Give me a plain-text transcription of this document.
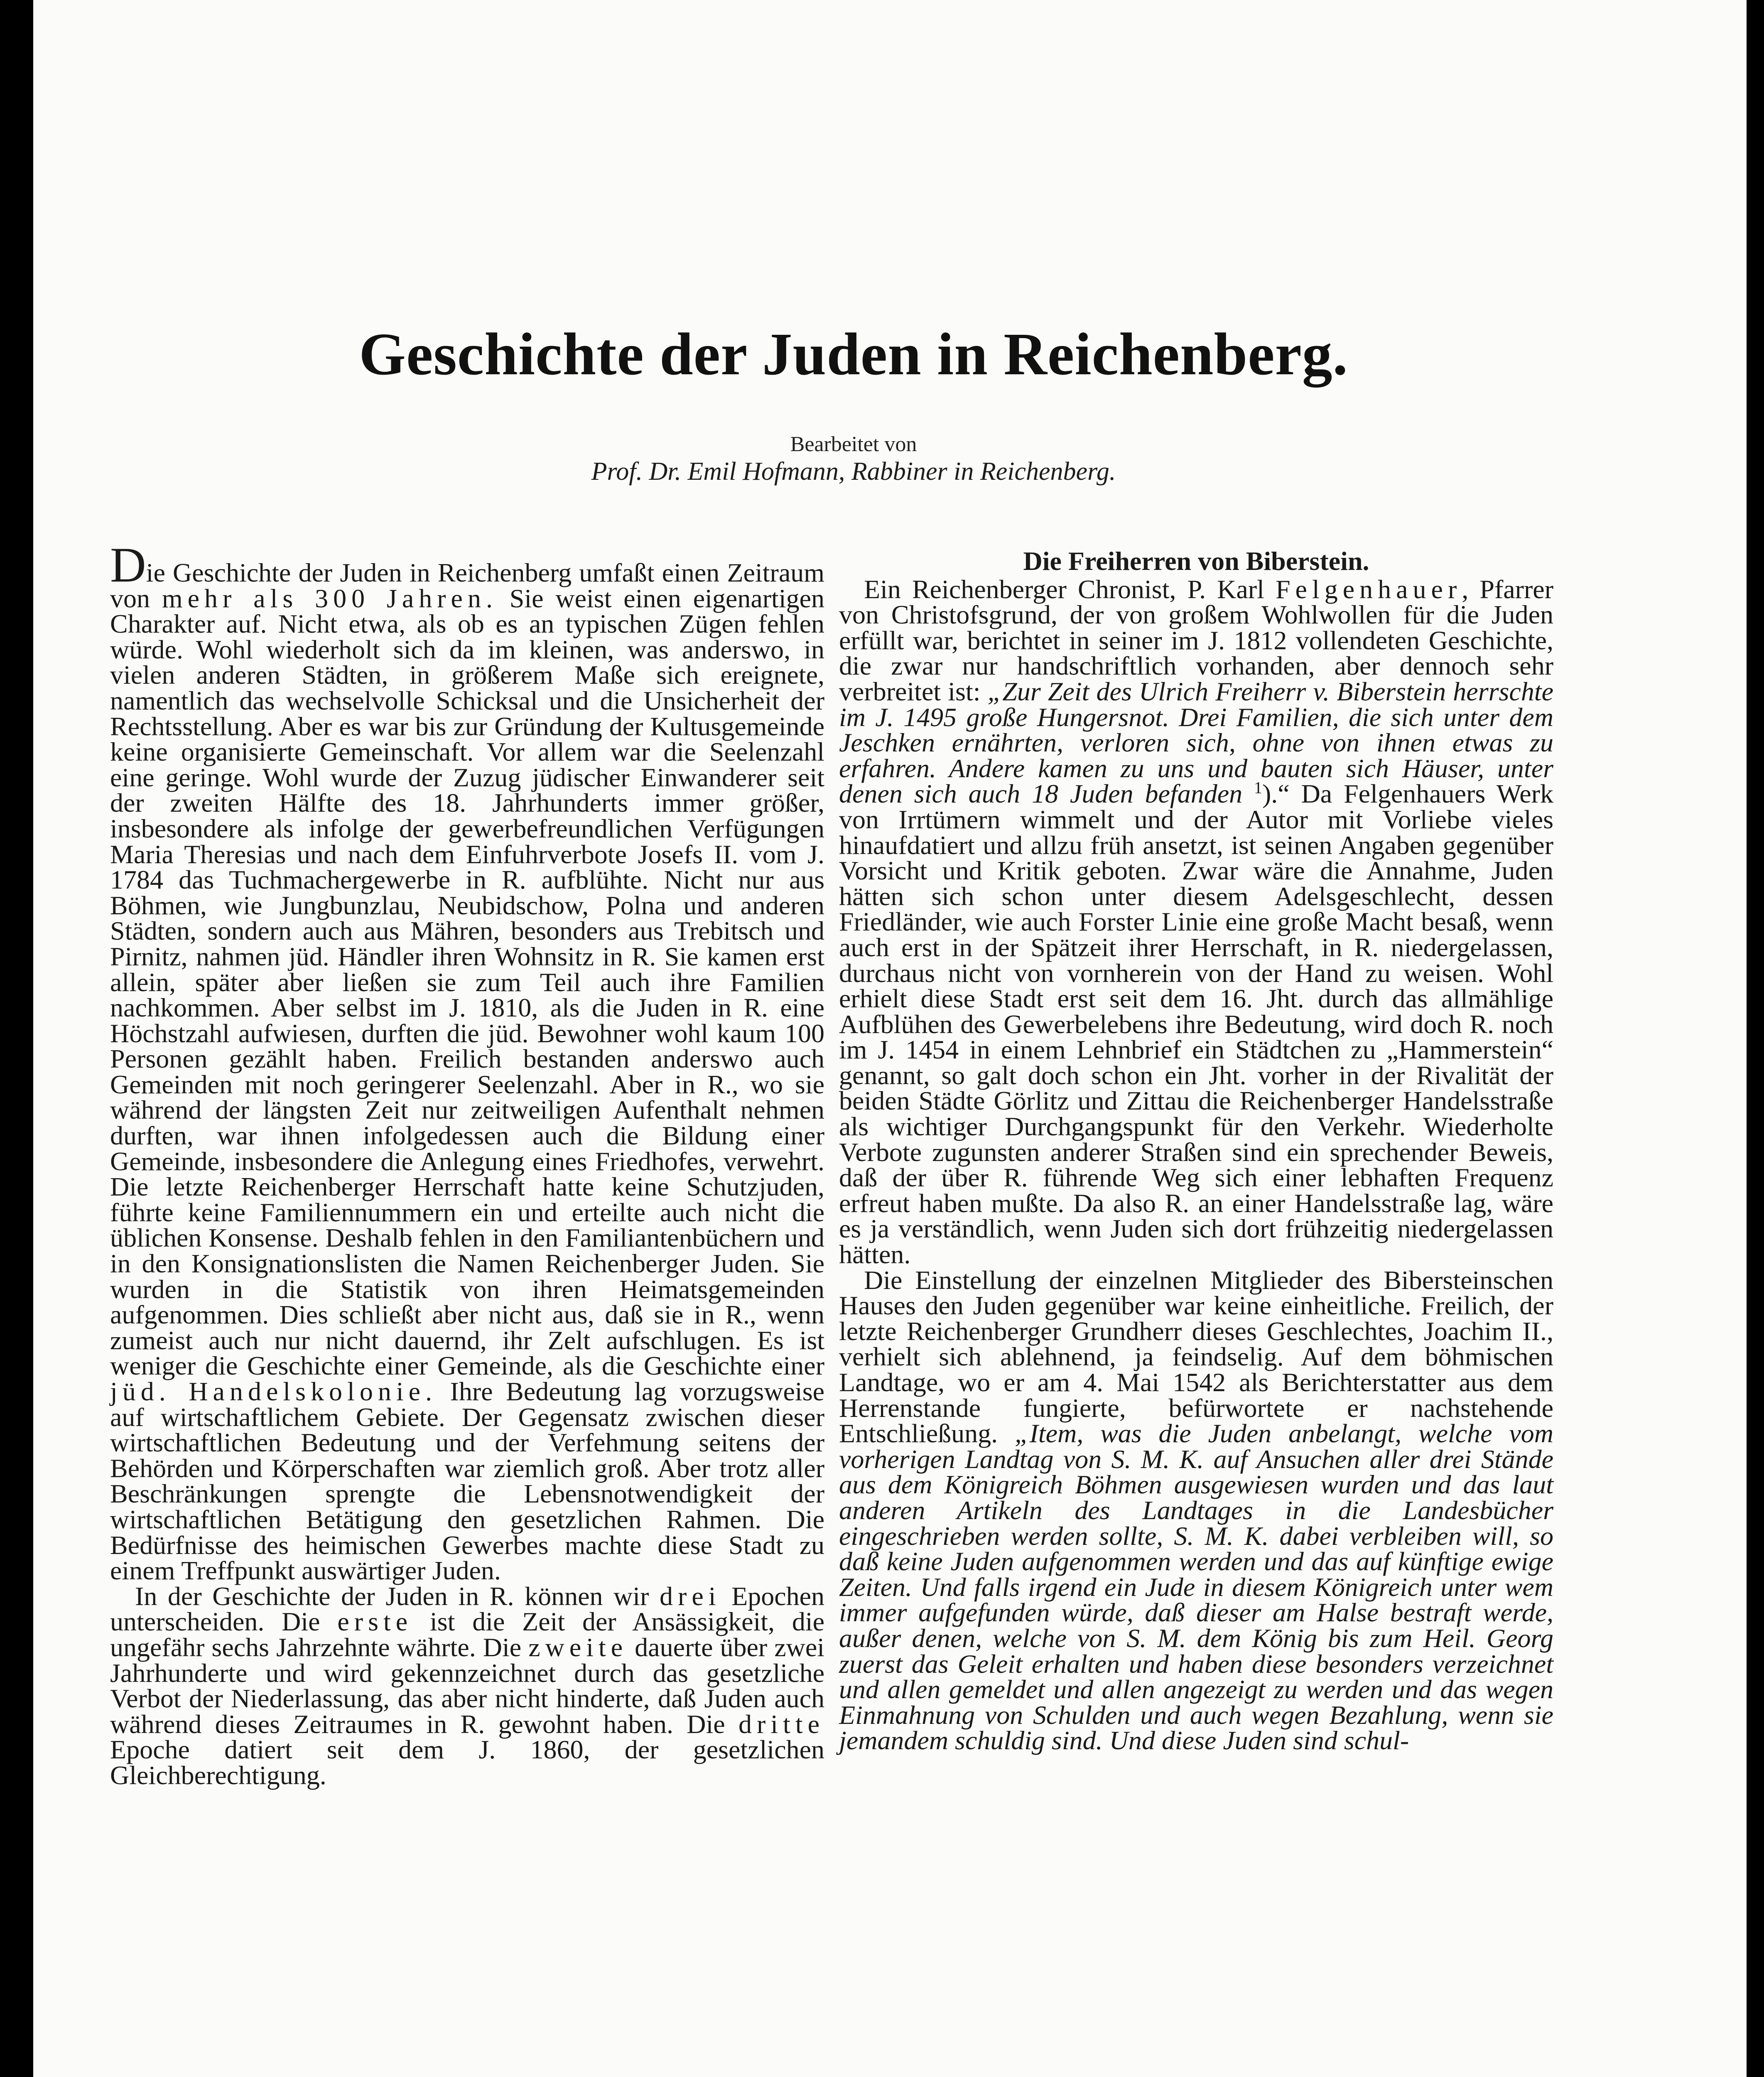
Geschichte der Juden in Reichenberg.
Bearbeitet von
Prof. Dr. Emil Hofmann, Rabbiner in Reichenberg.

Die Geschichte der Juden in Reichenberg umfaßt einen Zeitraum von mehr als 300 Jahren. Sie weist einen eigenartigen Charakter auf. Nicht etwa, als ob es an typischen Zügen fehlen würde. Wohl wiederholt sich da im kleinen, was anderswo, in vielen anderen Städten, in größerem Maße sich ereignete, namentlich das wechselvolle Schicksal und die Unsicherheit der Rechtsstellung. Aber es war bis zur Gründung der Kultusgemeinde keine organisierte Gemeinschaft. Vor allem war die Seelenzahl eine geringe. Wohl wurde der Zuzug jüdischer Einwanderer seit der zweiten Hälfte des 18. Jahrhunderts immer größer, insbesondere als infolge der gewerbefreundlichen Verfügungen Maria Theresias und nach dem Einfuhrverbote Josefs II. vom J. 1784 das Tuchmachergewerbe in R. aufblühte. Nicht nur aus Böhmen, wie Jungbunzlau, Neubidschow, Polna und anderen Städten, sondern auch aus Mähren, besonders aus Trebitsch und Pirnitz, nahmen jüd. Händler ihren Wohnsitz in R. Sie kamen erst allein, später aber ließen sie zum Teil auch ihre Familien nachkommen. Aber selbst im J. 1810, als die Juden in R. eine Höchstzahl aufwiesen, durften die jüd. Bewohner wohl kaum 100 Personen gezählt haben. Freilich bestanden anderswo auch Gemeinden mit noch geringerer Seelenzahl. Aber in R., wo sie während der längsten Zeit nur zeitweiligen Aufenthalt nehmen durften, war ihnen infolgedessen auch die Bildung einer Gemeinde, insbesondere die Anlegung eines Friedhofes, verwehrt. Die letzte Reichenberger Herrschaft hatte keine Schutzjuden, führte keine Familiennummern ein und erteilte auch nicht die üblichen Konsense. Deshalb fehlen in den Familiantenbüchern und in den Konsignationslisten die Namen Reichenberger Juden. Sie wurden in die Statistik von ihren Heimatsgemeinden aufgenommen. Dies schließt aber nicht aus, daß sie in R., wenn zumeist auch nur nicht dauernd, ihr Zelt aufschlugen. Es ist weniger die Geschichte einer Gemeinde, als die Geschichte einer jüd. Handelskolonie. Ihre Bedeutung lag vorzugsweise auf wirtschaftlichem Gebiete. Der Gegensatz zwischen dieser wirtschaftlichen Bedeutung und der Verfehmung seitens der Behörden und Körperschaften war ziemlich groß. Aber trotz aller Beschränkungen sprengte die Lebensnotwendigkeit der wirtschaftlichen Betätigung den gesetzlichen Rahmen. Die Bedürfnisse des heimischen Gewerbes machte diese Stadt zu einem Treffpunkt auswärtiger Juden.

In der Geschichte der Juden in R. können wir drei Epochen unterscheiden. Die erste ist die Zeit der Ansässigkeit, die ungefähr sechs Jahrzehnte währte. Die zweite dauerte über zwei Jahrhunderte und wird gekennzeichnet durch das gesetzliche Verbot der Niederlassung, das aber nicht hinderte, daß Juden auch während dieses Zeitraumes in R. gewohnt haben. Die dritte Epoche datiert seit dem J. 1860, der gesetzlichen Gleichberechtigung.

Die Freiherren von Biberstein.

Ein Reichenberger Chronist, P. Karl Felgenhauer, Pfarrer von Christofsgrund, der von großem Wohlwollen für die Juden erfüllt war, berichtet in seiner im J. 1812 vollendeten Geschichte, die zwar nur handschriftlich vorhanden, aber dennoch sehr verbreitet ist: „Zur Zeit des Ulrich Freiherr v. Biberstein herrschte im J. 1495 große Hungersnot. Drei Familien, die sich unter dem Jeschken ernährten, verloren sich, ohne von ihnen etwas zu erfahren. Andere kamen zu uns und bauten sich Häuser, unter denen sich auch 18 Juden befanden $^1$).“ Da Felgenhauers Werk von Irrtümern wimmelt und der Autor mit Vorliebe vieles hinaufdatiert und allzu früh ansetzt, ist seinen Angaben gegenüber Vorsicht und Kritik geboten. Zwar wäre die Annahme, Juden hätten sich schon unter diesem Adelsgeschlecht, dessen Friedländer, wie auch Forster Linie eine große Macht besaß, wenn auch erst in der Spätzeit ihrer Herrschaft, in R. niedergelassen, durchaus nicht von vornherein von der Hand zu weisen. Wohl erhielt diese Stadt erst seit dem 16. Jht. durch das allmählige Aufblühen des Gewerbelebens ihre Bedeutung, wird doch R. noch im J. 1454 in einem Lehnbrief ein Städtchen zu „Hammerstein“ genannt, so galt doch schon ein Jht. vorher in der Rivalität der beiden Städte Görlitz und Zittau die Reichenberger Handelsstraße als wichtiger Durchgangspunkt für den Verkehr. Wiederholte Verbote zugunsten anderer Straßen sind ein sprechender Beweis, daß der über R. führende Weg sich einer lebhaften Frequenz erfreut haben mußte. Da also R. an einer Handelsstraße lag, wäre es ja verständlich, wenn Juden sich dort frühzeitig niedergelassen hätten.

Die Einstellung der einzelnen Mitglieder des Bibersteinschen Hauses den Juden gegenüber war keine einheitliche. Freilich, der letzte Reichenberger Grundherr dieses Geschlechtes, Joachim II., verhielt sich ablehnend, ja feindselig. Auf dem böhmischen Landtage, wo er am 4. Mai 1542 als Berichterstatter aus dem Herrenstande fungierte, befürwortete er nachstehende Entschließung. „Item, was die Juden anbelangt, welche vom vorherigen Landtag von S. M. K. auf Ansuchen aller drei Stände aus dem Königreich Böhmen ausgewiesen wurden und das laut anderen Artikeln des Landtages in die Landesbücher eingeschrieben werden sollte, S. M. K. dabei verbleiben will, so daß keine Juden aufgenommen werden und das auf künftige ewige Zeiten. Und falls irgend ein Jude in diesem Königreich unter wem immer aufgefunden würde, daß dieser am Halse bestraft werde, außer denen, welche von S. M. dem König bis zum Heil. Georg zuerst das Geleit erhalten und haben diese besonders verzeichnet und allen gemeldet und allen angezeigt zu werden und das wegen Einmahnung von Schulden und auch wegen Bezahlung, wenn sie jemandem schuldig sind. Und diese Juden sind schul-
